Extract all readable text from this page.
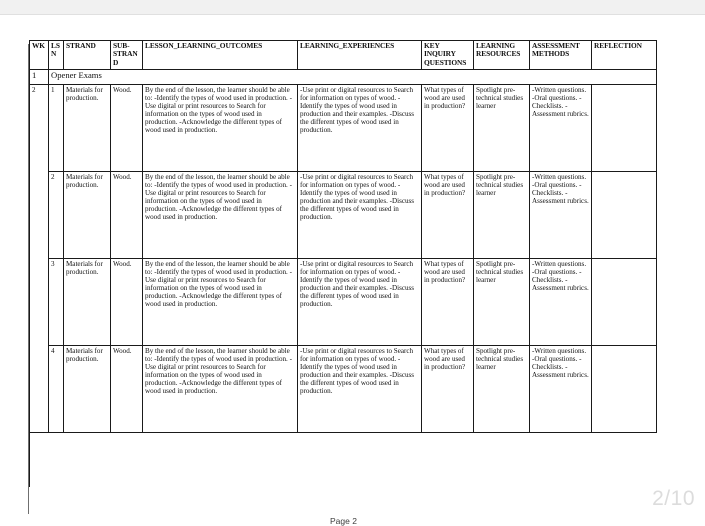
WK	LSN	STRAND	SUB-STRAND	LESSON_LEARNING_OUTCOMES	LEARNING_EXPERIENCES	KEY INQUIRY QUESTIONS	LEARNING RESOURCES	ASSESSMENT METHODS	REFLECTION
1	Opener Exams								
2	1	Materials for production.	Wood.	By the end of the lesson, the learner should be able to: -Identify the types of wood used in production. -Use digital or print resources to Search for information on the types of wood used in production. -Acknowledge the different types of wood used in production.	-Use print or digital resources to Search for information on types of wood. -Identify the types of wood used in production and their examples. -Discuss the different types of wood used in production.	What types of wood are used in production?	Spotlight pre-technical studies learner	-Written questions. -Oral questions. -Checklists. -Assessment rubrics.	
	2	Materials for production.	Wood.	By the end of the lesson, the learner should be able to: -Identify the types of wood used in production. -Use digital or print resources to Search for information on the types of wood used in production. -Acknowledge the different types of wood used in production.	-Use print or digital resources to Search for information on types of wood. -Identify the types of wood used in production and their examples. -Discuss the different types of wood used in production.	What types of wood are used in production?	Spotlight pre-technical studies learner	-Written questions. -Oral questions. -Checklists. -Assessment rubrics.	
	3	Materials for production.	Wood.	By the end of the lesson, the learner should be able to: -Identify the types of wood used in production. -Use digital or print resources to Search for information on the types of wood used in production. -Acknowledge the different types of wood used in production.	-Use print or digital resources to Search for information on types of wood. -Identify the types of wood used in production and their examples. -Discuss the different types of wood used in production.	What types of wood are used in production?	Spotlight pre-technical studies learner	-Written questions. -Oral questions. -Checklists. -Assessment rubrics.	
	4	Materials for production.	Wood.	By the end of the lesson, the learner should be able to: -Identify the types of wood used in production. -Use digital or print resources to Search for information on the types of wood used in production. -Acknowledge the different types of wood used in production.	-Use print or digital resources to Search for information on types of wood. -Identify the types of wood used in production and their examples. -Discuss the different types of wood used in production.	What types of wood are used in production?	Spotlight pre-technical studies learner	-Written questions. -Oral questions. -Checklists. -Assessment rubrics.	

Page 2
2/10
